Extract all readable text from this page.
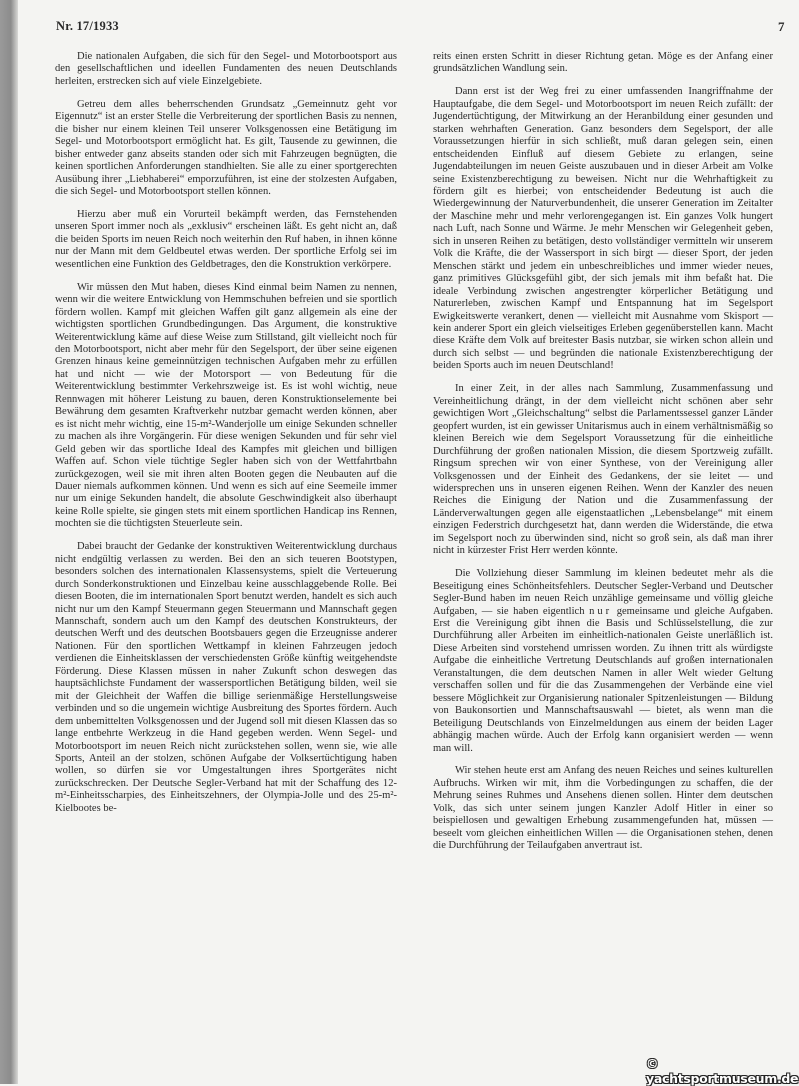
Nr. 17/1933	7

Die nationalen Aufgaben, die sich für den Segel- und Motorbootsport aus den gesellschaftlichen und ideellen Fundamenten des neuen Deutschlands herleiten, erstrecken sich auf viele Einzelgebiete.

Getreu dem alles beherrschenden Grundsatz „Gemeinnutz geht vor Eigennutz“ ist an erster Stelle die Verbreiterung der sportlichen Basis zu nennen, die bisher nur einem kleinen Teil unserer Volksgenossen eine Betätigung im Segel- und Motorbootsport ermöglicht hat. Es gilt, Tausende zu gewinnen, die bisher entweder ganz abseits standen oder sich mit Fahrzeugen begnügten, die keinen sportlichen Anforderungen standhielten. Sie alle zu einer sportgerechten Ausübung ihrer „Liebhaberei“ emporzuführen, ist eine der stolzesten Aufgaben, die sich Segel- und Motorbootsport stellen können.

Hierzu aber muß ein Vorurteil bekämpft werden, das Fernstehenden unseren Sport immer noch als „exklusiv“ erscheinen läßt. Es geht nicht an, daß die beiden Sports im neuen Reich noch weiterhin den Ruf haben, in ihnen könne nur der Mann mit dem Geldbeutel etwas werden. Der sportliche Erfolg sei im wesentlichen eine Funktion des Geldbetrages, den die Konstruktion verkörpere.

Wir müssen den Mut haben, dieses Kind einmal beim Namen zu nennen, wenn wir die weitere Entwicklung von Hemmschuhen befreien und sie sportlich fördern wollen. Kampf mit gleichen Waffen gilt ganz allgemein als eine der wichtigsten sportlichen Grundbedingungen. Das Argument, die konstruktive Weiterentwicklung käme auf diese Weise zum Stillstand, gilt vielleicht noch für den Motorbootsport, nicht aber mehr für den Segelsport, der über seine eigenen Grenzen hinaus keine gemeinnützigen technischen Aufgaben mehr zu erfüllen hat und nicht — wie der Motorsport — von Bedeutung für die Weiterentwicklung bestimmter Verkehrszweige ist. Es ist wohl wichtig, neue Rennwagen mit höherer Leistung zu bauen, deren Konstruktionselemente bei Bewährung dem gesamten Kraftverkehr nutzbar gemacht werden können, aber es ist nicht mehr wichtig, eine 15-m²-Wanderjolle um einige Sekunden schneller zu machen als ihre Vorgängerin. Für diese wenigen Sekunden und für sehr viel Geld geben wir das sportliche Ideal des Kampfes mit gleichen und billigen Waffen auf. Schon viele tüchtige Segler haben sich von der Wettfahrtbahn zurückgezogen, weil sie mit ihren alten Booten gegen die Neubauten auf die Dauer niemals aufkommen können. Und wenn es sich auf eine Seemeile immer nur um einige Sekunden handelt, die absolute Geschwindigkeit also überhaupt keine Rolle spielte, sie gingen stets mit einem sportlichen Handicap ins Rennen, mochten sie die tüchtigsten Steuerleute sein.

Dabei braucht der Gedanke der konstruktiven Weiterentwicklung durchaus nicht endgültig verlassen zu werden. Bei den an sich teueren Bootstypen, besonders solchen des internationalen Klassensystems, spielt die Verteuerung durch Sonderkonstruktionen und Einzelbau keine ausschlaggebende Rolle. Bei diesen Booten, die im internationalen Sport benutzt werden, handelt es sich auch nicht nur um den Kampf Steuermann gegen Steuermann und Mannschaft gegen Mannschaft, sondern auch um den Kampf des deutschen Konstrukteurs, der deutschen Werft und des deutschen Bootsbauers gegen die Erzeugnisse anderer Nationen. Für den sportlichen Wettkampf in kleinen Fahrzeugen jedoch verdienen die Einheitsklassen der verschiedensten Größe künftig weitgehendste Förderung. Diese Klassen müssen in naher Zukunft schon deswegen das hauptsächlichste Fundament der wassersportlichen Betätigung bilden, weil sie mit der Gleichheit der Waffen die billige serienmäßige Herstellungsweise verbinden und so die ungemein wichtige Ausbreitung des Sportes fördern. Auch dem unbemittelten Volksgenossen und der Jugend soll mit diesen Klassen das so lange entbehrte Werkzeug in die Hand gegeben werden. Wenn Segel- und Motorbootsport im neuen Reich nicht zurückstehen sollen, wenn sie, wie alle Sports, Anteil an der stolzen, schönen Aufgabe der Volksertüchtigung haben wollen, so dürfen sie vor Umgestaltungen ihres Sportgerätes nicht zurückschrecken. Der Deutsche Segler-Verband hat mit der Schaffung des 12-m²-Einheitsscharpies, des Einheitszehners, der Olympia-Jolle und des 25-m²-Kielbootes be-

reits einen ersten Schritt in dieser Richtung getan. Möge es der Anfang einer grundsätzlichen Wandlung sein.

Dann erst ist der Weg frei zu einer umfassenden Inangriffnahme der Hauptaufgabe, die dem Segel- und Motorbootsport im neuen Reich zufällt: der Jugendertüchtigung, der Mitwirkung an der Heranbildung einer gesunden und starken wehrhaften Generation. Ganz besonders dem Segelsport, der alle Voraussetzungen hierfür in sich schließt, muß daran gelegen sein, einen entscheidenden Einfluß auf diesem Gebiete zu erlangen, seine Jugendabteilungen im neuen Geiste auszubauen und in dieser Arbeit am Volke seine Existenzberechtigung zu beweisen. Nicht nur die Wehrhaftigkeit zu fördern gilt es hierbei; von entscheidender Bedeutung ist auch die Wiedergewinnung der Naturverbundenheit, die unserer Generation im Zeitalter der Maschine mehr und mehr verlorengegangen ist. Ein ganzes Volk hungert nach Luft, nach Sonne und Wärme. Je mehr Menschen wir Gelegenheit geben, sich in unseren Reihen zu betätigen, desto vollständiger vermitteln wir unserem Volk die Kräfte, die der Wassersport in sich birgt — dieser Sport, der jeden Menschen stärkt und jedem ein unbeschreibliches und immer wieder neues, ganz primitives Glücksgefühl gibt, der sich jemals mit ihm befaßt hat. Die ideale Verbindung zwischen angestrengter körperlicher Betätigung und Naturerleben, zwischen Kampf und Entspannung hat im Segelsport Ewigkeitswerte verankert, denen — vielleicht mit Ausnahme vom Skisport — kein anderer Sport ein gleich vielseitiges Erleben gegenüberstellen kann. Macht diese Kräfte dem Volk auf breitester Basis nutzbar, sie wirken schon allein und durch sich selbst — und begründen die nationale Existenzberechtigung der beiden Sports auch im neuen Deutschland!

In einer Zeit, in der alles nach Sammlung, Zusammenfassung und Vereinheitlichung drängt, in der dem vielleicht nicht schönen aber sehr gewichtigen Wort „Gleichschaltung“ selbst die Parlamentssessel ganzer Länder geopfert wurden, ist ein gewisser Unitarismus auch in einem verhältnismäßig so kleinen Bereich wie dem Segelsport Voraussetzung für die einheitliche Durchführung der großen nationalen Mission, die diesem Sportzweig zufällt. Ringsum sprechen wir von einer Synthese, von der Vereinigung aller Volksgenossen und der Einheit des Gedankens, der sie leitet — und widersprechen uns in unseren eigenen Reihen. Wenn der Kanzler des neuen Reiches die Einigung der Nation und die Zusammenfassung der Länderverwaltungen gegen alle eigenstaatlichen „Lebensbelange“ mit einem einzigen Federstrich durchgesetzt hat, dann werden die Widerstände, die etwa im Segelsport noch zu überwinden sind, nicht so groß sein, als daß man ihrer nicht in kürzester Frist Herr werden könnte.

Die Vollziehung dieser Sammlung im kleinen bedeutet mehr als die Beseitigung eines Schönheitsfehlers. Deutscher Segler-Verband und Deutscher Segler-Bund haben im neuen Reich unzählige gemeinsame und völlig gleiche Aufgaben, — sie haben eigentlich nur gemeinsame und gleiche Aufgaben. Erst die Vereinigung gibt ihnen die Basis und Schlüsselstellung, die zur Durchführung aller Arbeiten im einheitlich-nationalen Geiste unerläßlich ist. Diese Arbeiten sind vorstehend umrissen worden. Zu ihnen tritt als würdigste Aufgabe die einheitliche Vertretung Deutschlands auf großen internationalen Veranstaltungen, die dem deutschen Namen in aller Welt wieder Geltung verschaffen sollen und für die das Zusammengehen der Verbände eine viel bessere Möglichkeit zur Organisierung nationaler Spitzenleistungen — Bildung von Baukonsortien und Mannschaftsauswahl — bietet, als wenn man die Beteiligung Deutschlands von Einzelmeldungen aus einem der beiden Lager abhängig machen würde. Auch der Erfolg kann organisiert werden — wenn man will.

Wir stehen heute erst am Anfang des neuen Reiches und seines kulturellen Aufbruchs. Wirken wir mit, ihm die Vorbedingungen zu schaffen, die der Mehrung seines Ruhmes und Ansehens dienen sollen. Hinter dem deutschen Volk, das sich unter seinem jungen Kanzler Adolf Hitler in einer so beispiellosen und gewaltigen Erhebung zusammengefunden hat, müssen — beseelt vom gleichen einheitlichen Willen — die Organisationen stehen, denen die Durchführung der Teilaufgaben anvertraut ist.

© yachtsportmuseum.de
